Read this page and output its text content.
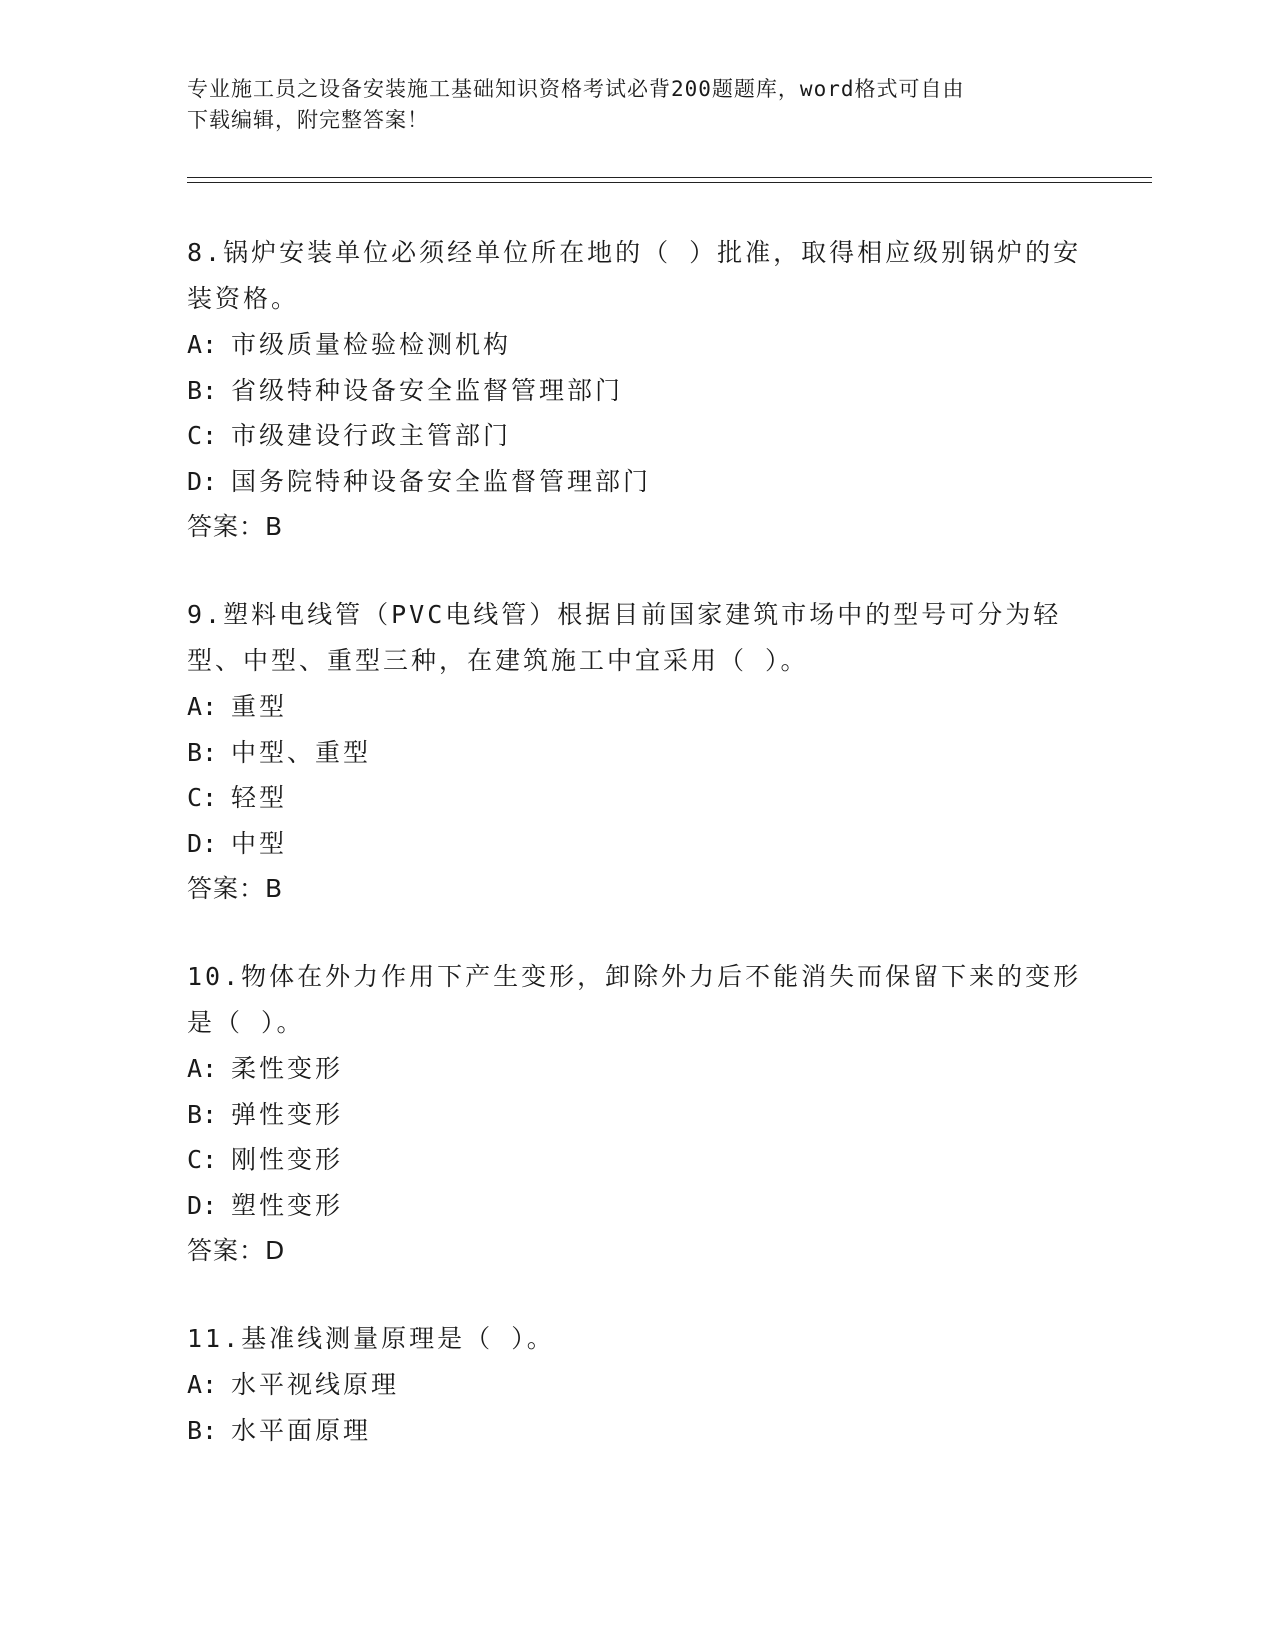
专业施工员之设备安装施工基础知识资格考试必背200题题库，word格式可自由
下载编辑，附完整答案！

8.锅炉安装单位必须经单位所在地的（ ）批准，取得相应级别锅炉的安装资格。

A: 市级质量检验检测机构
B: 省级特种设备安全监督管理部门
C: 市级建设行政主管部门
D: 国务院特种设备安全监督管理部门

答案：B

9.塑料电线管（PVC电线管）根据目前国家建筑市场中的型号可分为轻型、中型、重型三种，在建筑施工中宜采用（ ）。

A: 重型
B: 中型、重型
C: 轻型
D: 中型

答案：B

10.物体在外力作用下产生变形，卸除外力后不能消失而保留下来的变形是（ ）。

A: 柔性变形
B: 弹性变形
C: 刚性变形
D: 塑性变形

答案：D

11.基准线测量原理是（ ）。

A: 水平视线原理
B: 水平面原理
